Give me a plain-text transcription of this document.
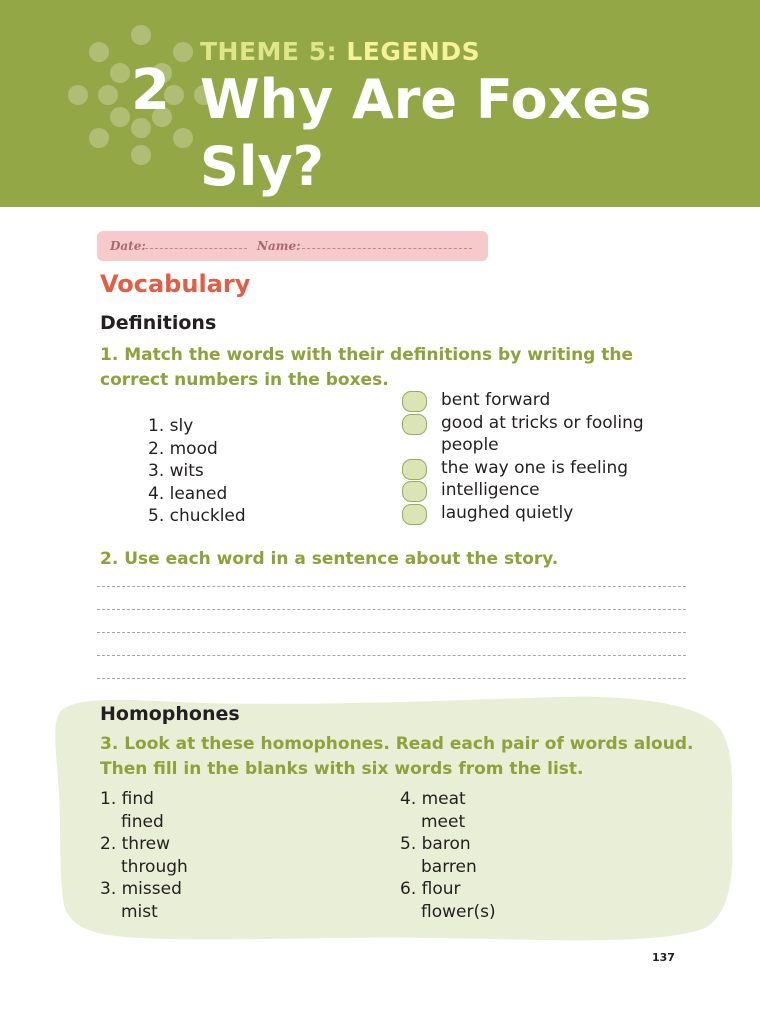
THEME 5: LEGENDS
2 Why Are Foxes
Sly?
Date:	Name:
Vocabulary
Definitions
1. Match the words with their definitions by writing the correct numbers in the boxes.
1. sly
2. mood
3. wits
4. leaned
5. chuckled
bent forward
good at tricks or fooling
people
the way one is feeling
intelligence
laughed quietly
2. Use each word in a sentence about the story.
Homophones
3. Look at these homophones. Read each pair of words aloud.
Then fill in the blanks with six words from the list.
1. find
fined
2. threw
through
3. missed
mist
4. meat
meet
5. baron
barren
6. flour
flower(s)
137
